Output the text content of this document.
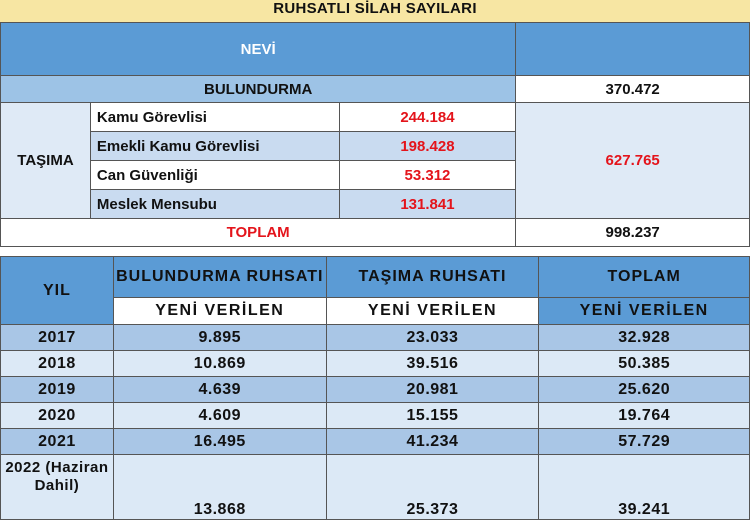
RUHSATLI SİLAH SAYILARI
NEVİ			
BULUNDURMA			370.472
TAŞIMA	Kamu Görevlisi	244.184	627.765
	Emekli Kamu Görevlisi	198.428	
	Can Güvenliği	53.312	
	Meslek Mensubu	131.841	
TOPLAM			998.237
YIL	BULUNDURMA RUHSATI	TAŞIMA RUHSATI	TOPLAM
	YENİ VERİLEN	YENİ VERİLEN	YENİ VERİLEN
2017	9.895	23.033	32.928
2018	10.869	39.516	50.385
2019	4.639	20.981	25.620
2020	4.609	15.155	19.764
2021	16.495	41.234	57.729
2022 (Haziran Dahil)	13.868	25.373	39.241
